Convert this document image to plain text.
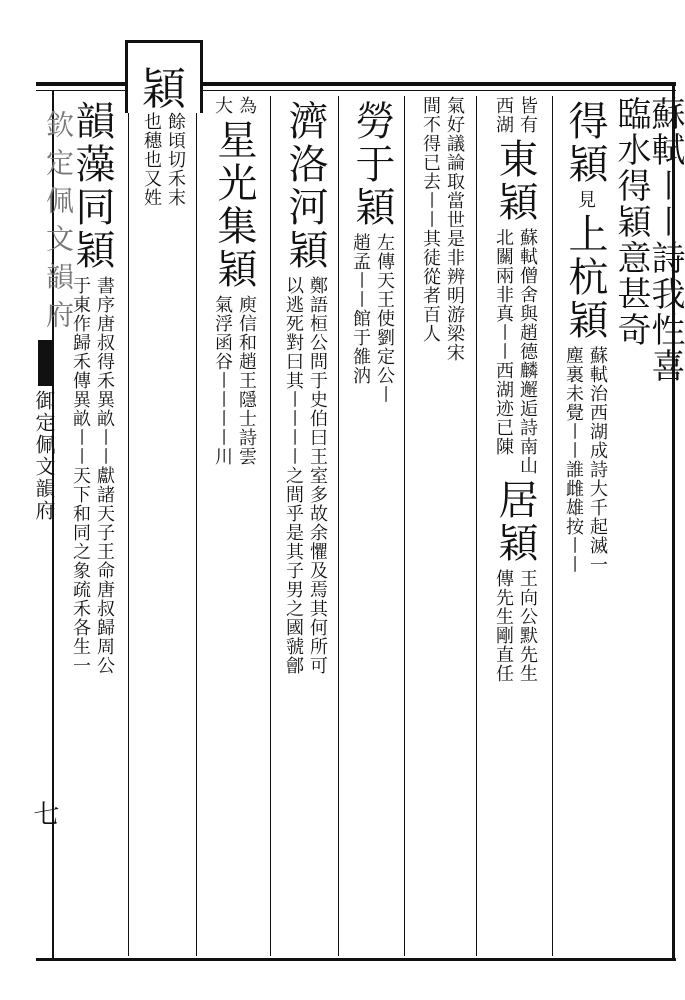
穎
欽定佩文韻府
御定佩文韻府
七
蘇軾〡〡詩我性喜
臨水得穎意甚奇
得穎
見
上杭穎
蘇軾治西湖成詩大千起滅一
塵裏未覺〡〡誰雌雄按〡〡
皆有
西湖
東穎
蘇軾僧舍與趙德麟邂逅詩南山
北關兩非真〡〡西湖迹已陳
居穎
王向公默先生
傳先生剛直任
氣好議論取當世是非辨明游梁宋
間不得已去〡〡其徒從者百人
勞于穎
左傳天王使劉定公〡
趙孟〡〡館于雒汭
濟洛河穎
鄭語桓公問于史伯曰王室多故余懼及焉其何所可
以逃死對曰其〡〡〡〡之間乎是其子男之國虢鄶
為
大
星光集穎
庾信和趙王隱士詩雲
氣浮函谷〡〡〡〡川
餘頃切禾末
也穗也又姓
韻藻同穎
書序唐叔得禾異畝〡〡獻諸天子王命唐叔歸周公
于東作歸禾傳異畝〡〡天下和同之象疏禾各生一
